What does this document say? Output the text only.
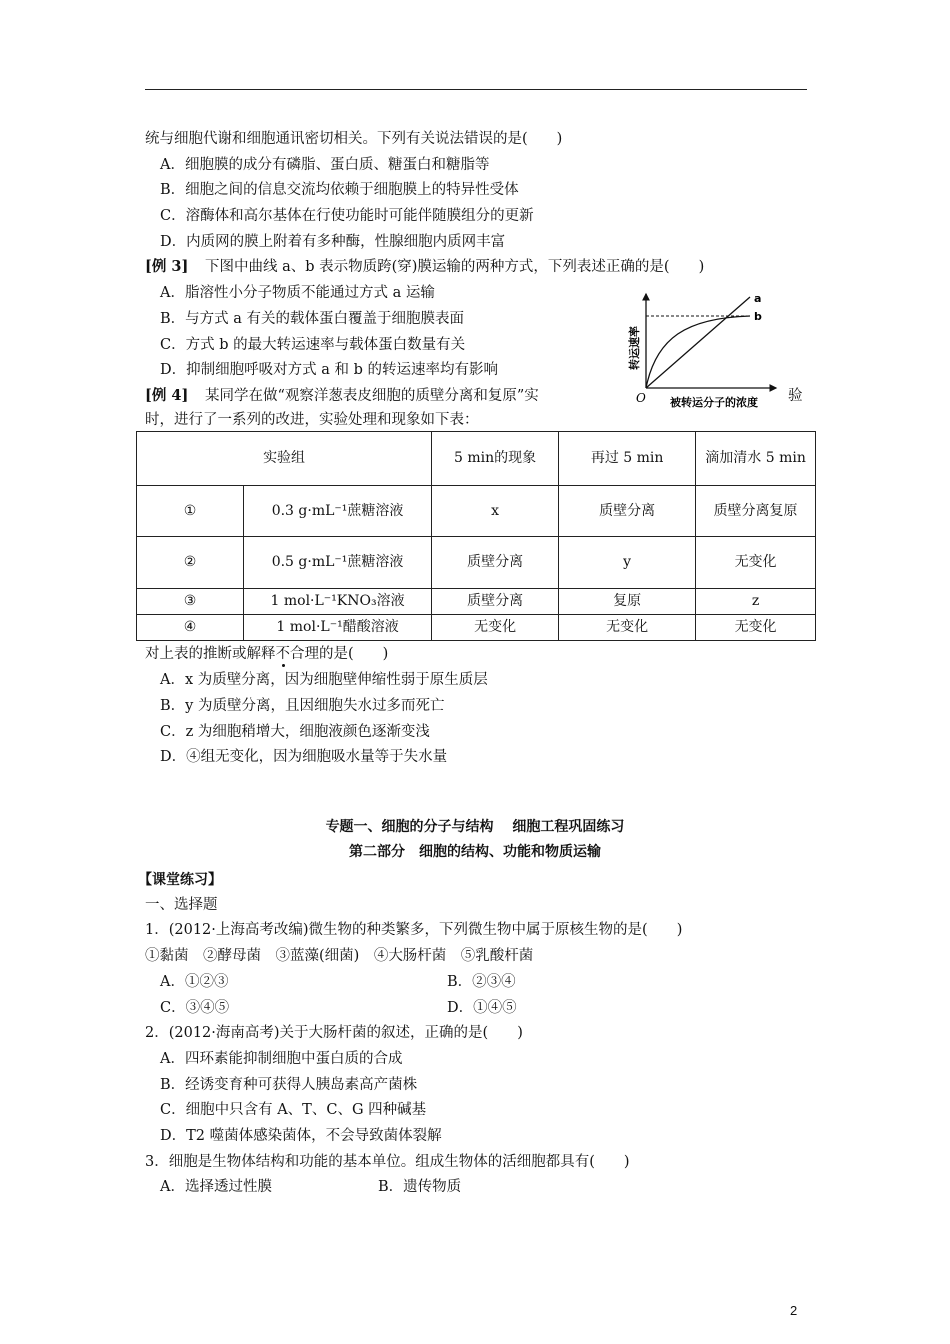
统与细胞代谢和细胞通讯密切相关。下列有关说法错误的是(　　)
A．细胞膜的成分有磷脂、蛋白质、糖蛋白和糖脂等
B．细胞之间的信息交流均依赖于细胞膜上的特异性受体
C．溶酶体和高尔基体在行使功能时可能伴随膜组分的更新
D．内质网的膜上附着有多种酶，性腺细胞内质网丰富
[例 3] 下图中曲线 a、b 表示物质跨(穿)膜运输的两种方式，下列表述正确的是(　　)
A．脂溶性小分子物质不能通过方式 a 运输
B．与方式 a 有关的载体蛋白覆盖于细胞膜表面
C．方式 b 的最大转运速率与载体蛋白数量有关
D．抑制细胞呼吸对方式 a 和 b 的转运速率均有影响
a
b
转运速率
O 被转运分子的浓度
[例 4] 某同学在做“观察洋葱表皮细胞的质壁分离和复原”实	验
时，进行了一系列的改进，实验处理和现象如下表：
实验组		5 min的现象	再过 5 min	滴加清水 5 min
①	0.3 g·mL⁻¹蔗糖溶液	x	质壁分离	质壁分离复原
②	0.5 g·mL⁻¹蔗糖溶液	质壁分离	y	无变化
③	1 mol·L⁻¹KNO₃溶液	质壁分离	复原	z
④	1 mol·L⁻¹醋酸溶液	无变化	无变化	无变化
对上表的推断或解释不合理的是(　　)
A．x 为质壁分离，因为细胞壁伸缩性弱于原生质层
B．y 为质壁分离，且因细胞失水过多而死亡
C．z 为细胞稍增大，细胞液颜色逐渐变浅
D．④组无变化，因为细胞吸水量等于失水量
专题一、细胞的分子与结构　 细胞工程巩固练习
第二部分　细胞的结构、功能和物质运输
【课堂练习】
一、选择题
1．(2012·上海高考改编)微生物的种类繁多，下列微生物中属于原核生物的是(　　)
①黏菌　②酵母菌　③蓝藻(细菌)　④大肠杆菌　⑤乳酸杆菌
A．①②③	B．②③④
C．③④⑤	D．①④⑤
2．(2012·海南高考)关于大肠杆菌的叙述，正确的是(　　)
A．四环素能抑制细胞中蛋白质的合成
B．经诱变育种可获得人胰岛素高产菌株
C．细胞中只含有 A、T、C、G 四种碱基
D．T2 噬菌体感染菌体，不会导致菌体裂解
3．细胞是生物体结构和功能的基本单位。组成生物体的活细胞都具有(　　)
A．选择透过性膜	B．遗传物质
2
